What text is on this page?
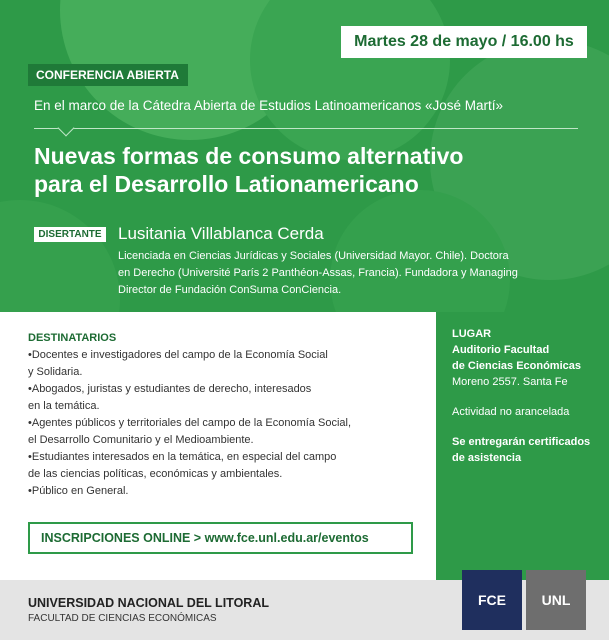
Martes 28 de mayo / 16.00 hs
CONFERENCIA ABIERTA
En el marco de la Cátedra Abierta de Estudios Latinoamericanos «José Martí»
Nuevas formas de consumo alternativo
para el Desarrollo Lationamericano
DISERTANTE Lusitania Villablanca Cerda
Licenciada en Ciencias Jurídicas y Sociales (Universidad Mayor. Chile). Doctora
en Derecho (Université París 2 Panthéon-Assas, Francia). Fundadora y Managing
Director de Fundación ConSuma ConCiencia.
DESTINATARIOS
•Docentes e investigadores del campo de la Economía Social
y Solidaria.
•Abogados, juristas y estudiantes de derecho, interesados
en la temática.
•Agentes públicos y territoriales del campo de la Economía Social,
el Desarrollo Comunitario y el Medioambiente.
•Estudiantes interesados en la temática, en especial del campo
de las ciencias políticas, económicas y ambientales.
•Público en General.
INSCRIPCIONES ONLINE > www.fce.unl.edu.ar/eventos
LUGAR
Auditorio Facultad
de Ciencias Económicas
Moreno 2557. Santa Fe
Actividad no arancelada
Se entregarán certificados
de asistencia
UNIVERSIDAD NACIONAL DEL LITORAL
FACULTAD DE CIENCIAS ECONÓMICAS
FCE	UNL
